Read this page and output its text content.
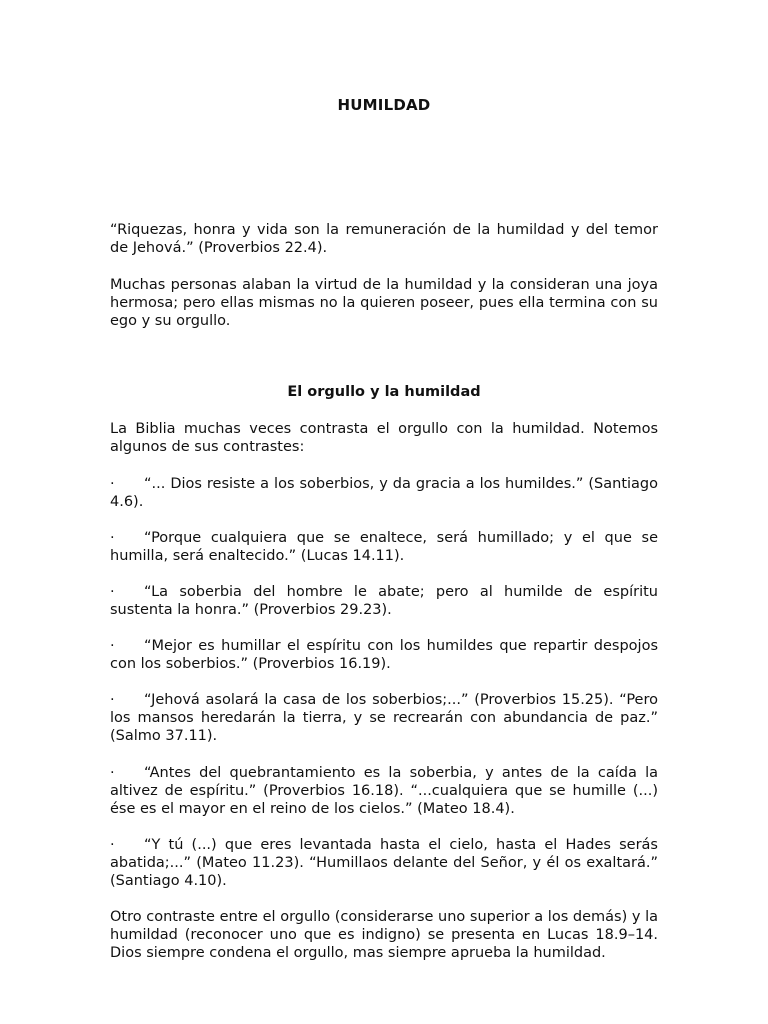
HUMILDAD

“Riquezas, honra y vida son la remuneración de la humildad y del temor de Jehová.” (Proverbios 22.4).

Muchas personas alaban la virtud de la humildad y la consideran una joya hermosa; pero ellas mismas no la quieren poseer, pues ella termina con su ego y su orgullo.

El orgullo y la humildad

La Biblia muchas veces contrasta el orgullo con la humildad. Notemos algunos de sus contrastes:

· “... Dios resiste a los soberbios, y da gracia a los humildes.” (Santiago 4.6).

· “Porque cualquiera que se enaltece, será humillado; y el que se humilla, será enaltecido.” (Lucas 14.11).

· “La soberbia del hombre le abate; pero al humilde de espíritu sustenta la honra.” (Proverbios 29.23).

· “Mejor es humillar el espíritu con los humildes que repartir despojos con los soberbios.” (Proverbios 16.19).

· “Jehová asolará la casa de los soberbios;...” (Proverbios 15.25). “Pero los mansos heredarán la tierra, y se recrearán con abundancia de paz.” (Salmo 37.11).

· “Antes del quebrantamiento es la soberbia, y antes de la caída la altivez de espíritu.” (Proverbios 16.18). “...cualquiera que se humille (...) ése es el mayor en el reino de los cielos.” (Mateo 18.4).

· “Y tú (...) que eres levantada hasta el cielo, hasta el Hades serás abatida;...” (Mateo 11.23). “Humillaos delante del Señor, y él os exaltará.” (Santiago 4.10).

Otro contraste entre el orgullo (considerarse uno superior a los demás) y la humildad (reconocer uno que es indigno) se presenta en Lucas 18.9–14. Dios siempre condena el orgullo, mas siempre aprueba la humildad.
